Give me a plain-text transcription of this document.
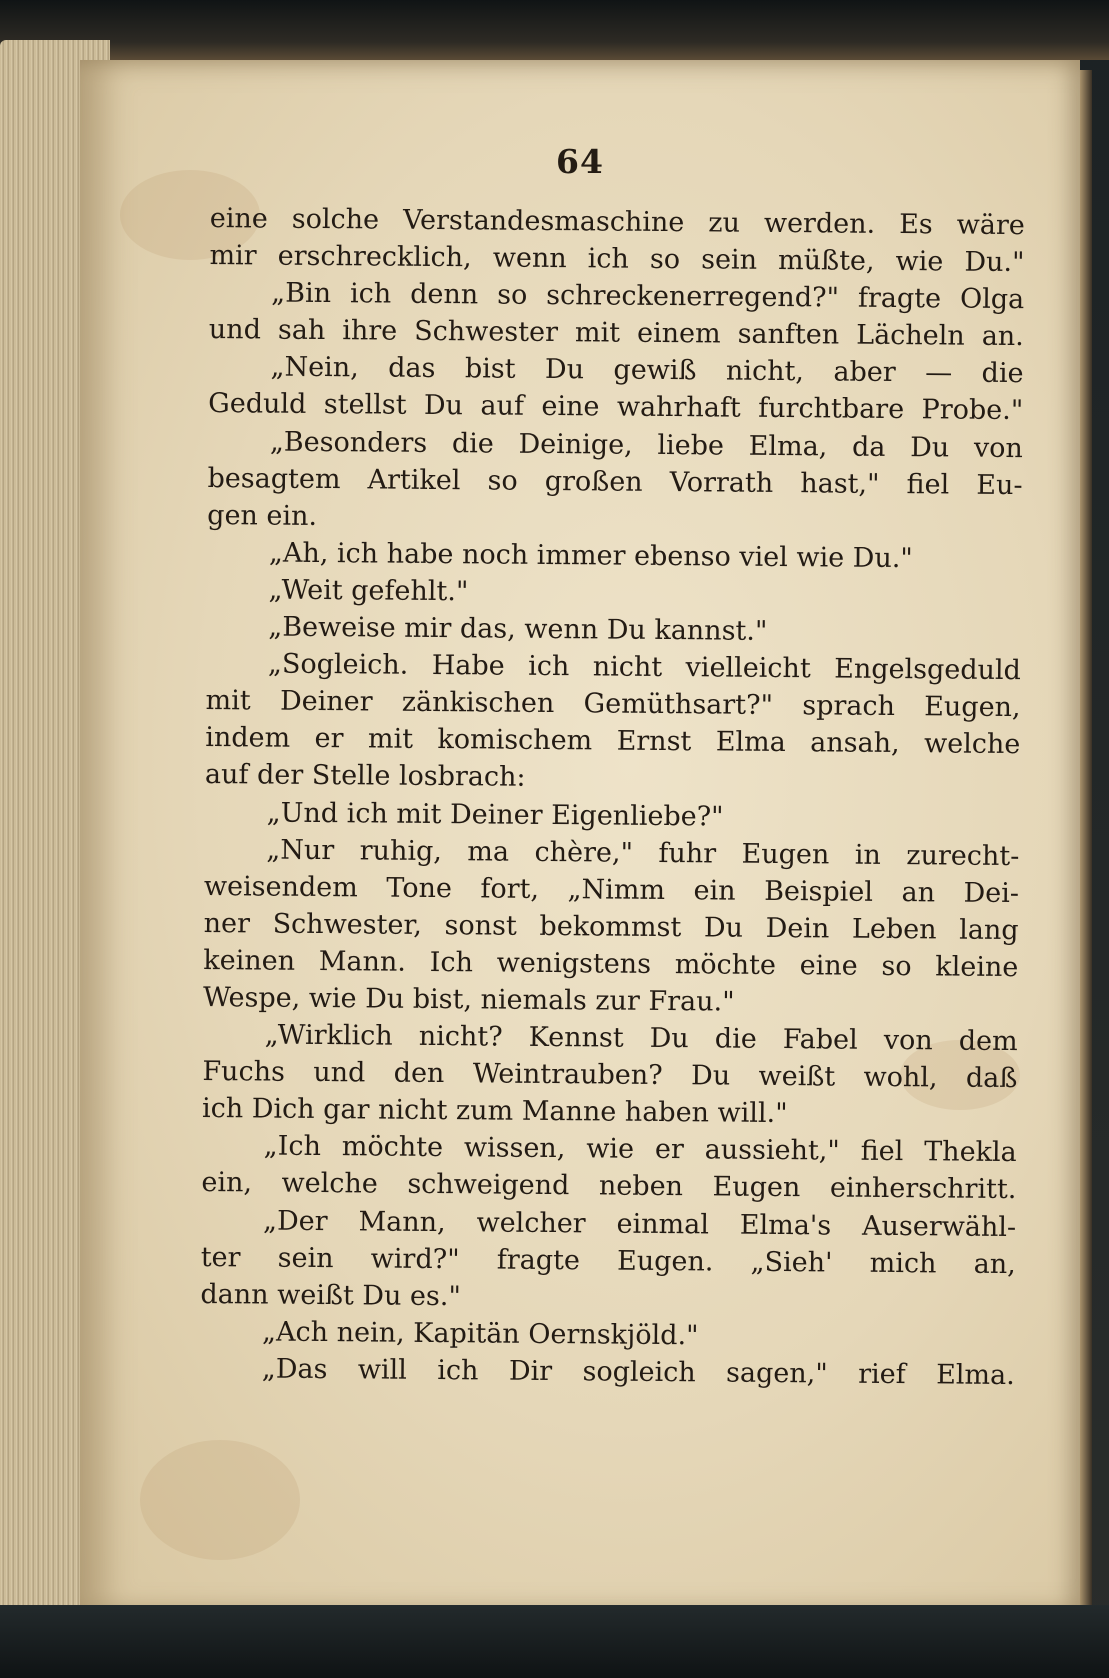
64
eine solche Verstandesmaschine zu werden. Es wäre
mir erschrecklich, wenn ich so sein müßte, wie Du."
„Bin ich denn so schreckenerregend?" fragte Olga
und sah ihre Schwester mit einem sanften Lächeln an.
„Nein, das bist Du gewiß nicht, aber — die
Geduld stellst Du auf eine wahrhaft furchtbare Probe."
„Besonders die Deinige, liebe Elma, da Du von
besagtem Artikel so großen Vorrath hast," fiel Eu-
gen ein.
„Ah, ich habe noch immer ebenso viel wie Du."
„Weit gefehlt."
„Beweise mir das, wenn Du kannst."
„Sogleich. Habe ich nicht vielleicht Engelsgeduld
mit Deiner zänkischen Gemüthsart?" sprach Eugen,
indem er mit komischem Ernst Elma ansah, welche
auf der Stelle losbrach:
„Und ich mit Deiner Eigenliebe?"
„Nur ruhig, ma chère," fuhr Eugen in zurecht-
weisendem Tone fort, „Nimm ein Beispiel an Dei-
ner Schwester, sonst bekommst Du Dein Leben lang
keinen Mann. Ich wenigstens möchte eine so kleine
Wespe, wie Du bist, niemals zur Frau."
„Wirklich nicht? Kennst Du die Fabel von dem
Fuchs und den Weintrauben? Du weißt wohl, daß
ich Dich gar nicht zum Manne haben will."
„Ich möchte wissen, wie er aussieht," fiel Thekla
ein, welche schweigend neben Eugen einherschritt.
„Der Mann, welcher einmal Elma's Auserwähl-
ter sein wird?" fragte Eugen. „Sieh' mich an,
dann weißt Du es."
„Ach nein, Kapitän Oernskjöld."
„Das will ich Dir sogleich sagen," rief Elma.
